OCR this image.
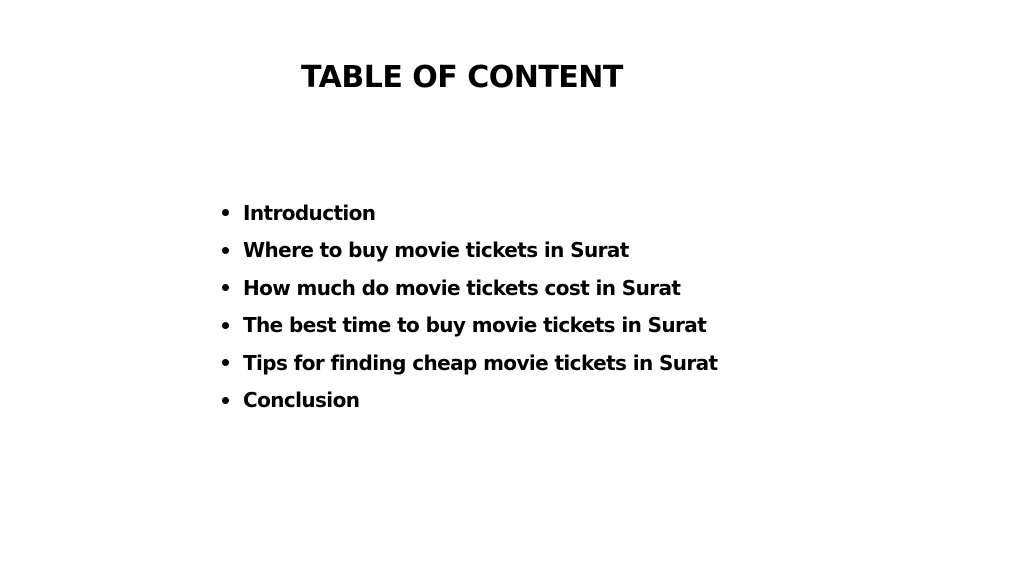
TABLE OF CONTENT
Introduction
Where to buy movie tickets in Surat
How much do movie tickets cost in Surat
The best time to buy movie tickets in Surat
Tips for finding cheap movie tickets in Surat
Conclusion
